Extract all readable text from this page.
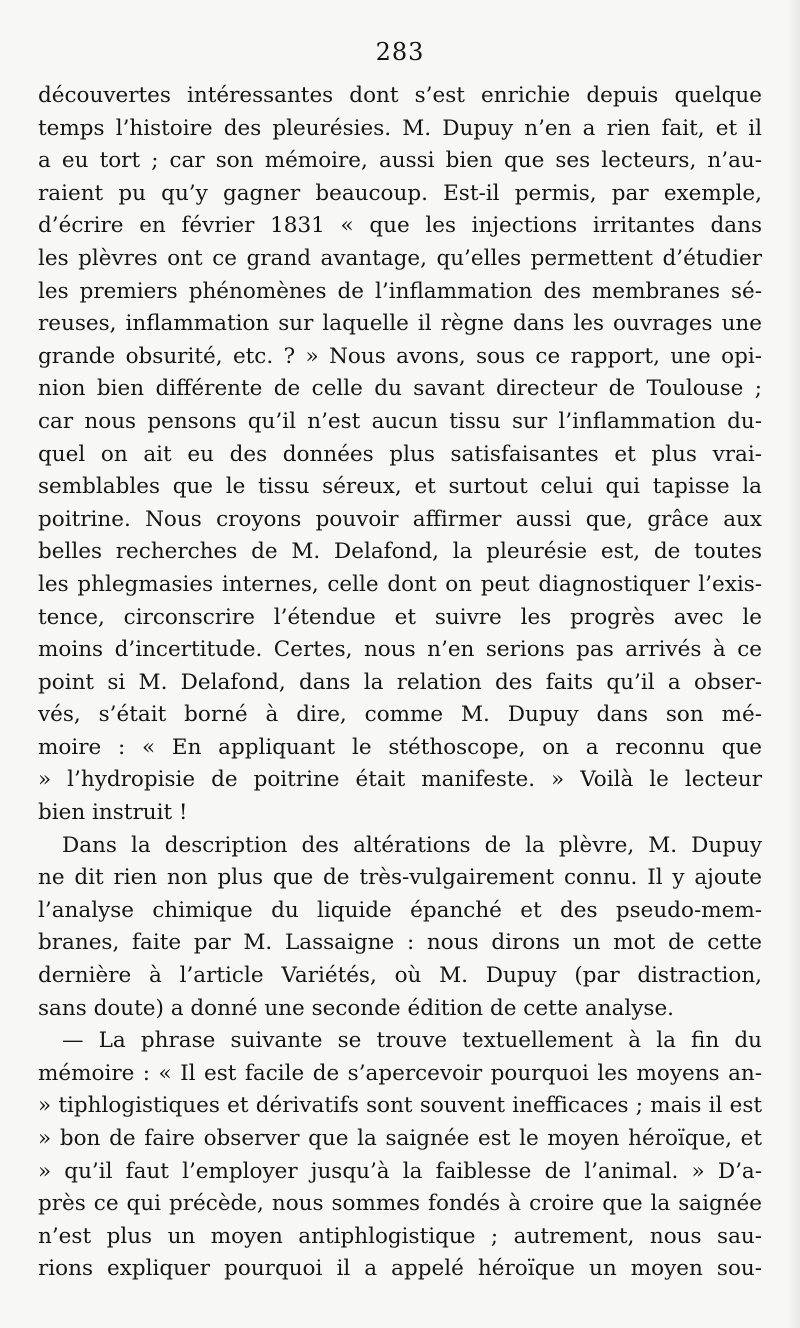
283
découvertes intéressantes dont s’est enrichie depuis quelque
temps l’histoire des pleurésies. M. Dupuy n’en a rien fait, et il
a eu tort ; car son mémoire, aussi bien que ses lecteurs, n’au-
raient pu qu’y gagner beaucoup. Est-il permis, par exemple,
d’écrire en février 1831 « que les injections irritantes dans
les plèvres ont ce grand avantage, qu’elles permettent d’étudier
les premiers phénomènes de l’inflammation des membranes sé-
reuses, inflammation sur laquelle il règne dans les ouvrages une
grande obsurité, etc. ? » Nous avons, sous ce rapport, une opi-
nion bien différente de celle du savant directeur de Toulouse ;
car nous pensons qu’il n’est aucun tissu sur l’inflammation du-
quel on ait eu des données plus satisfaisantes et plus vrai-
semblables que le tissu séreux, et surtout celui qui tapisse la
poitrine. Nous croyons pouvoir affirmer aussi que, grâce aux
belles recherches de M. Delafond, la pleurésie est, de toutes
les phlegmasies internes, celle dont on peut diagnostiquer l’exis-
tence, circonscrire l’étendue et suivre les progrès avec le
moins d’incertitude. Certes, nous n’en serions pas arrivés à ce
point si M. Delafond, dans la relation des faits qu’il a obser-
vés, s’était borné à dire, comme M. Dupuy dans son mé-
moire : « En appliquant le stéthoscope, on a reconnu que
» l’hydropisie de poitrine était manifeste. » Voilà le lecteur
bien instruit !
Dans la description des altérations de la plèvre, M. Dupuy
ne dit rien non plus que de très-vulgairement connu. Il y ajoute
l’analyse chimique du liquide épanché et des pseudo-mem-
branes, faite par M. Lassaigne : nous dirons un mot de cette
dernière à l’article Variétés, où M. Dupuy (par distraction,
sans doute) a donné une seconde édition de cette analyse.
— La phrase suivante se trouve textuellement à la fin du
mémoire : « Il est facile de s’apercevoir pourquoi les moyens an-
» tiphlogistiques et dérivatifs sont souvent inefficaces ; mais il est
» bon de faire observer que la saignée est le moyen héroïque, et
» qu’il faut l’employer jusqu’à la faiblesse de l’animal. » D’a-
près ce qui précède, nous sommes fondés à croire que la saignée
n’est plus un moyen antiphlogistique ; autrement, nous sau-
rions expliquer pourquoi il a appelé héroïque un moyen sou-
